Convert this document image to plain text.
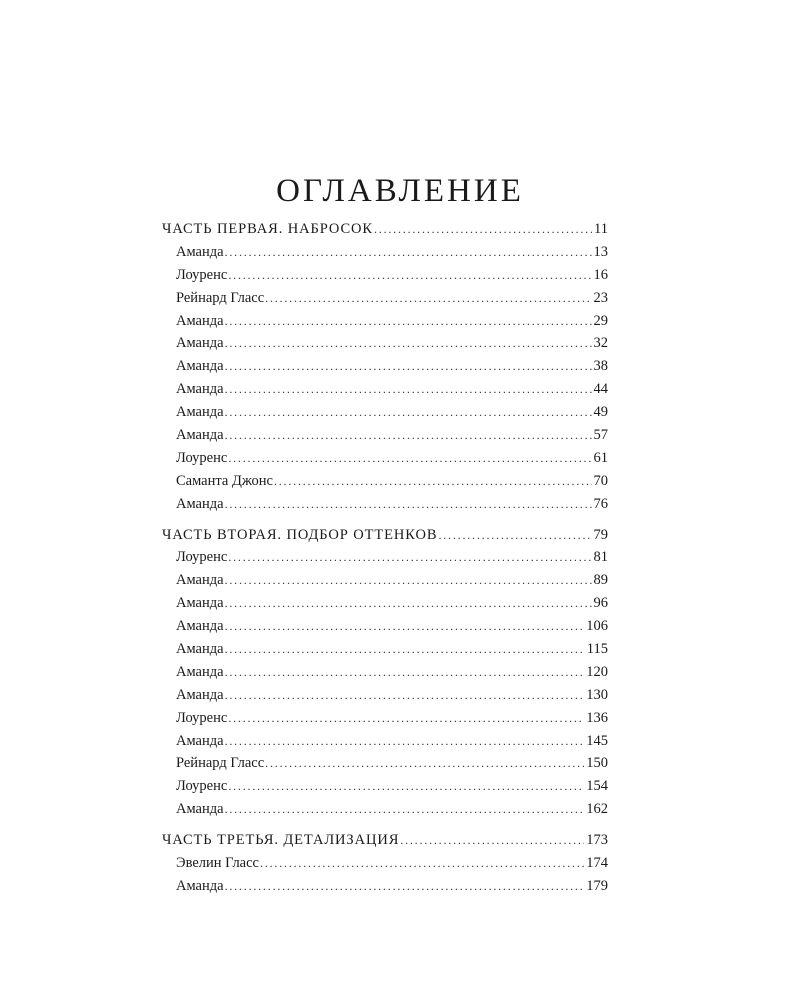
ОГЛАВЛЕНИЕ
ЧАСТЬ ПЕРВАЯ. НАБРОСОК . . .	11
Аманда . . .	13
Лоуренс . . .	16
Рейнард Гласс . . .	23
Аманда . . .	29
Аманда . . .	32
Аманда . . .	38
Аманда . . .	44
Аманда . . .	49
Аманда . . .	57
Лоуренс . . .	61
Саманта Джонс . . .	70
Аманда . . .	76
ЧАСТЬ ВТОРАЯ. ПОДБОР ОТТЕНКОВ . . .	79
Лоуренс . . .	81
Аманда . . .	89
Аманда . . .	96
Аманда . . .	106
Аманда . . .	115
Аманда . . .	120
Аманда . . .	130
Лоуренс . . .	136
Аманда . . .	145
Рейнард Гласс . . .	150
Лоуренс . . .	154
Аманда . . .	162
ЧАСТЬ ТРЕТЬЯ. ДЕТАЛИЗАЦИЯ . . .	173
Эвелин Гласс . . .	174
Аманда . . .	179
